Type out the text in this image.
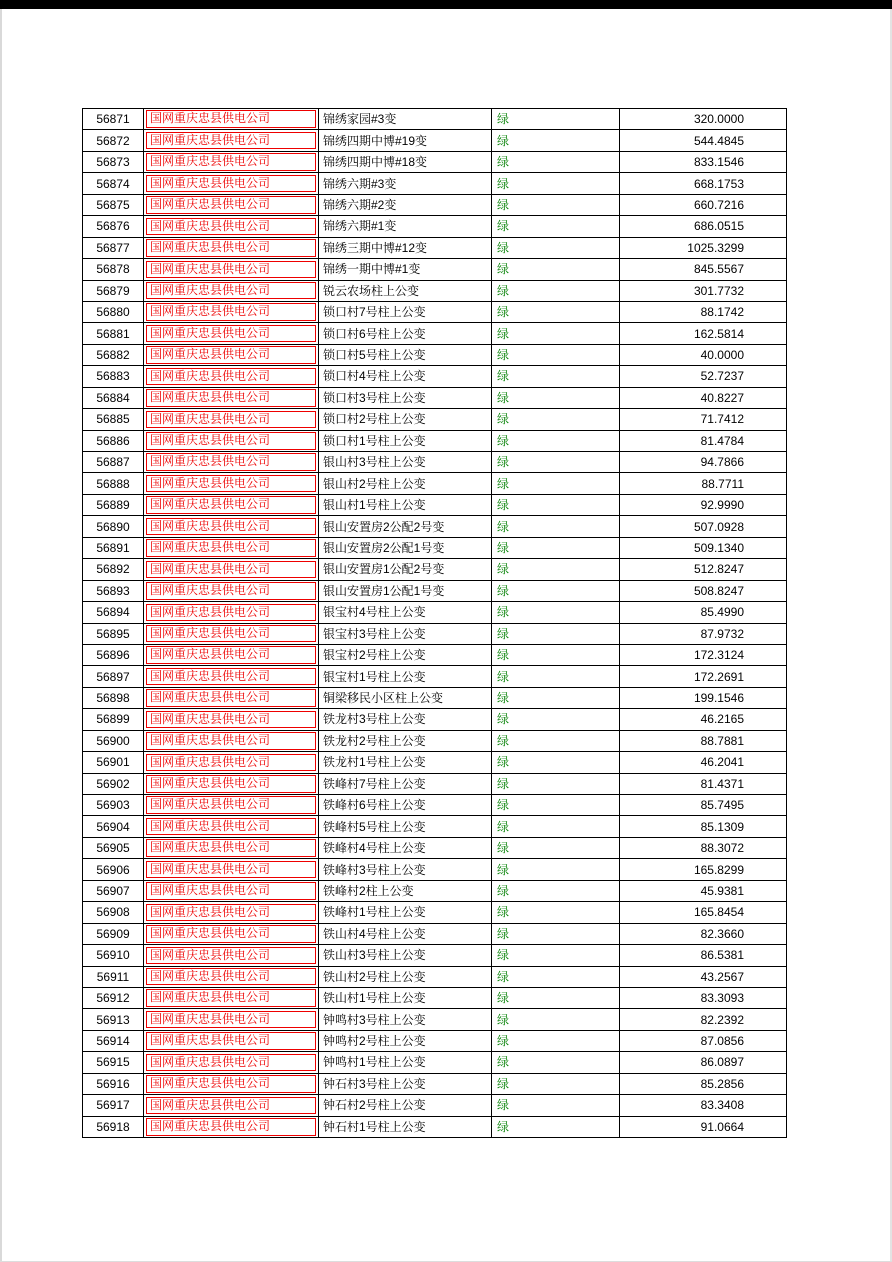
56871	国网重庆忠县供电公司	锦绣家园#3变	绿	320.0000
56872	国网重庆忠县供电公司	锦绣四期中博#19变	绿	544.4845
56873	国网重庆忠县供电公司	锦绣四期中博#18变	绿	833.1546
56874	国网重庆忠县供电公司	锦绣六期#3变	绿	668.1753
56875	国网重庆忠县供电公司	锦绣六期#2变	绿	660.7216
56876	国网重庆忠县供电公司	锦绣六期#1变	绿	686.0515
56877	国网重庆忠县供电公司	锦绣三期中博#12变	绿	1025.3299
56878	国网重庆忠县供电公司	锦绣一期中博#1变	绿	845.5567
56879	国网重庆忠县供电公司	锐云农场柱上公变	绿	301.7732
56880	国网重庆忠县供电公司	锁口村7号柱上公变	绿	88.1742
56881	国网重庆忠县供电公司	锁口村6号柱上公变	绿	162.5814
56882	国网重庆忠县供电公司	锁口村5号柱上公变	绿	40.0000
56883	国网重庆忠县供电公司	锁口村4号柱上公变	绿	52.7237
56884	国网重庆忠县供电公司	锁口村3号柱上公变	绿	40.8227
56885	国网重庆忠县供电公司	锁口村2号柱上公变	绿	71.7412
56886	国网重庆忠县供电公司	锁口村1号柱上公变	绿	81.4784
56887	国网重庆忠县供电公司	银山村3号柱上公变	绿	94.7866
56888	国网重庆忠县供电公司	银山村2号柱上公变	绿	88.7711
56889	国网重庆忠县供电公司	银山村1号柱上公变	绿	92.9990
56890	国网重庆忠县供电公司	银山安置房2公配2号变	绿	507.0928
56891	国网重庆忠县供电公司	银山安置房2公配1号变	绿	509.1340
56892	国网重庆忠县供电公司	银山安置房1公配2号变	绿	512.8247
56893	国网重庆忠县供电公司	银山安置房1公配1号变	绿	508.8247
56894	国网重庆忠县供电公司	银宝村4号柱上公变	绿	85.4990
56895	国网重庆忠县供电公司	银宝村3号柱上公变	绿	87.9732
56896	国网重庆忠县供电公司	银宝村2号柱上公变	绿	172.3124
56897	国网重庆忠县供电公司	银宝村1号柱上公变	绿	172.2691
56898	国网重庆忠县供电公司	铜梁移民小区柱上公变	绿	199.1546
56899	国网重庆忠县供电公司	铁龙村3号柱上公变	绿	46.2165
56900	国网重庆忠县供电公司	铁龙村2号柱上公变	绿	88.7881
56901	国网重庆忠县供电公司	铁龙村1号柱上公变	绿	46.2041
56902	国网重庆忠县供电公司	铁峰村7号柱上公变	绿	81.4371
56903	国网重庆忠县供电公司	铁峰村6号柱上公变	绿	85.7495
56904	国网重庆忠县供电公司	铁峰村5号柱上公变	绿	85.1309
56905	国网重庆忠县供电公司	铁峰村4号柱上公变	绿	88.3072
56906	国网重庆忠县供电公司	铁峰村3号柱上公变	绿	165.8299
56907	国网重庆忠县供电公司	铁峰村2柱上公变	绿	45.9381
56908	国网重庆忠县供电公司	铁峰村1号柱上公变	绿	165.8454
56909	国网重庆忠县供电公司	铁山村4号柱上公变	绿	82.3660
56910	国网重庆忠县供电公司	铁山村3号柱上公变	绿	86.5381
56911	国网重庆忠县供电公司	铁山村2号柱上公变	绿	43.2567
56912	国网重庆忠县供电公司	铁山村1号柱上公变	绿	83.3093
56913	国网重庆忠县供电公司	钟鸣村3号柱上公变	绿	82.2392
56914	国网重庆忠县供电公司	钟鸣村2号柱上公变	绿	87.0856
56915	国网重庆忠县供电公司	钟鸣村1号柱上公变	绿	86.0897
56916	国网重庆忠县供电公司	钟石村3号柱上公变	绿	85.2856
56917	国网重庆忠县供电公司	钟石村2号柱上公变	绿	83.3408
56918	国网重庆忠县供电公司	钟石村1号柱上公变	绿	91.0664
